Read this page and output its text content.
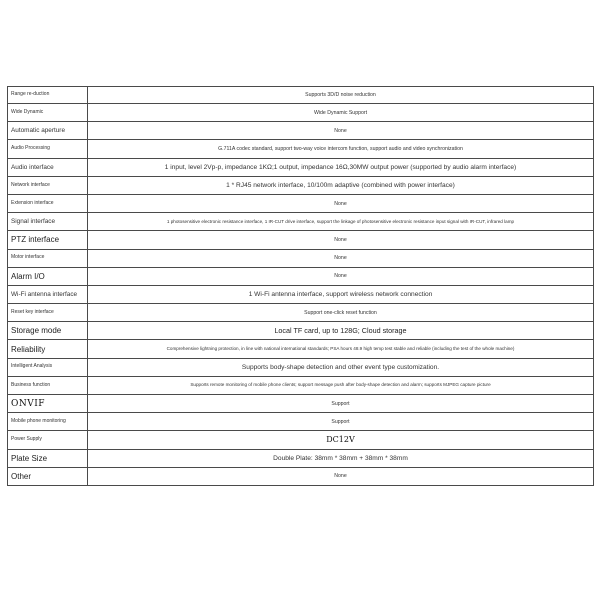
Range re-duction	Supports 3D/D noise reduction
Wide Dynamic	Wide Dynamic Support
Automatic aperture	None
Audio Processing	G.711A codec standard, support two-way voice intercom function, support audio and video synchronization
Audio interface	1 input, level 2Vp-p, impedance 1KΩ;1 output, impedance 16Ω,30MW output power (supported by audio alarm interface)
Network interface	1 * RJ45 network interface, 10/100m adaptive (combined with power interface)
Extension interface	None
Signal interface	1 photosensitive electronic resistance interface, 1 IR-CUT drive interface, support the linkage of photosensitive electronic resistance input signal with IR-CUT, infrared lamp
PTZ interface	None
Motor interface	None
Alarm I/O	None
Wi-Fi antenna interface	1 Wi-Fi antenna interface, support wireless network connection
Reset key interface	Support one-click reset function
Storage mode	Local TF card, up to 128G; Cloud storage
Reliability	Comprehensive lightning protection, in line with national international standards; PSA hours 48.9 high temp test stable and reliable (including the test of the whole machine)
Intelligent Analysis	Supports body-shape detection and other event type customization.
Business function	Supports remote monitoring of mobile phone clients; support message push after body-shape detection and alarm; supports MJPEG capture picture
ONVIF	Support
Mobile phone monitoring	Support
Power Supply	DC12V
Plate Size	Double Plate: 38mm * 38mm + 38mm * 38mm
Other	None
